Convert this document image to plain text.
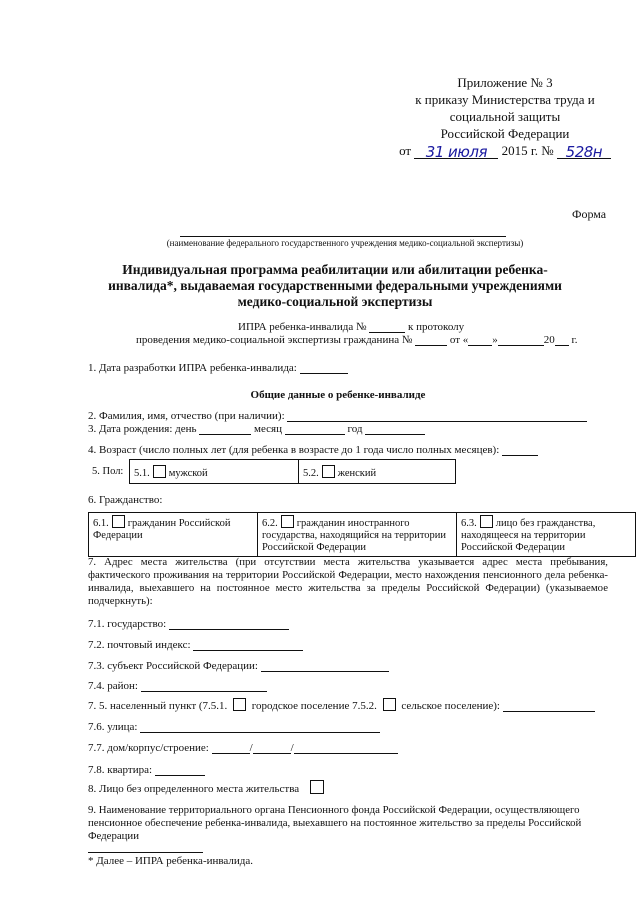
Приложение № 3
к приказу Министерства труда и
социальной защиты
Российской Федерации
от 31 июля 2015 г. № 528н
Форма
(наименование федерального государственного учреждения медико-социальной экспертизы)
Индивидуальная программа реабилитации или абилитации ребенка-инвалида*, выдаваемая государственными федеральными учреждениями медико-социальной экспертизы
ИПРА ребенка-инвалида №	к протоколу
проведения медико-социальной экспертизы гражданина №	от « »	20 г.
1. Дата разработки ИПРА ребенка-инвалида:
Общие данные о ребенке-инвалиде
2. Фамилия, имя, отчество (при наличии):
3. Дата рождения: день	месяц	год
4. Возраст (число полных лет (для ребенка в возрасте до 1 года число полных месяцев):
5. Пол:	5.1. мужской	5.2. женский
6. Гражданство:
6.1. гражданин Российской Федерации	6.2. гражданин иностранного государства, находящийся на территории Российской Федерации	6.3. лицо без гражданства, находящееся на территории Российской Федерации
7. Адрес места жительства (при отсутствии места жительства указывается адрес места пребывания, фактического проживания на территории Российской Федерации, место нахождения пенсионного дела ребенка-инвалида, выехавшего на постоянное место жительства за пределы Российской Федерации) (указываемое подчеркнуть):
7.1. государство:
7.2. почтовый индекс:
7.3. субъект Российской Федерации:
7.4. район:
7. 5. населенный пункт (7.5.1. городское поселение 7.5.2. сельское поселение):
7.6. улица:
7.7. дом/корпус/строение:	/	/
7.8. квартира:
8. Лицо без определенного места жительства
9. Наименование территориального органа Пенсионного фонда Российской Федерации, осуществляющего пенсионное обеспечение ребенка-инвалида, выехавшего на постоянное жительство за пределы Российской Федерации
* Далее – ИПРА ребенка-инвалида.
